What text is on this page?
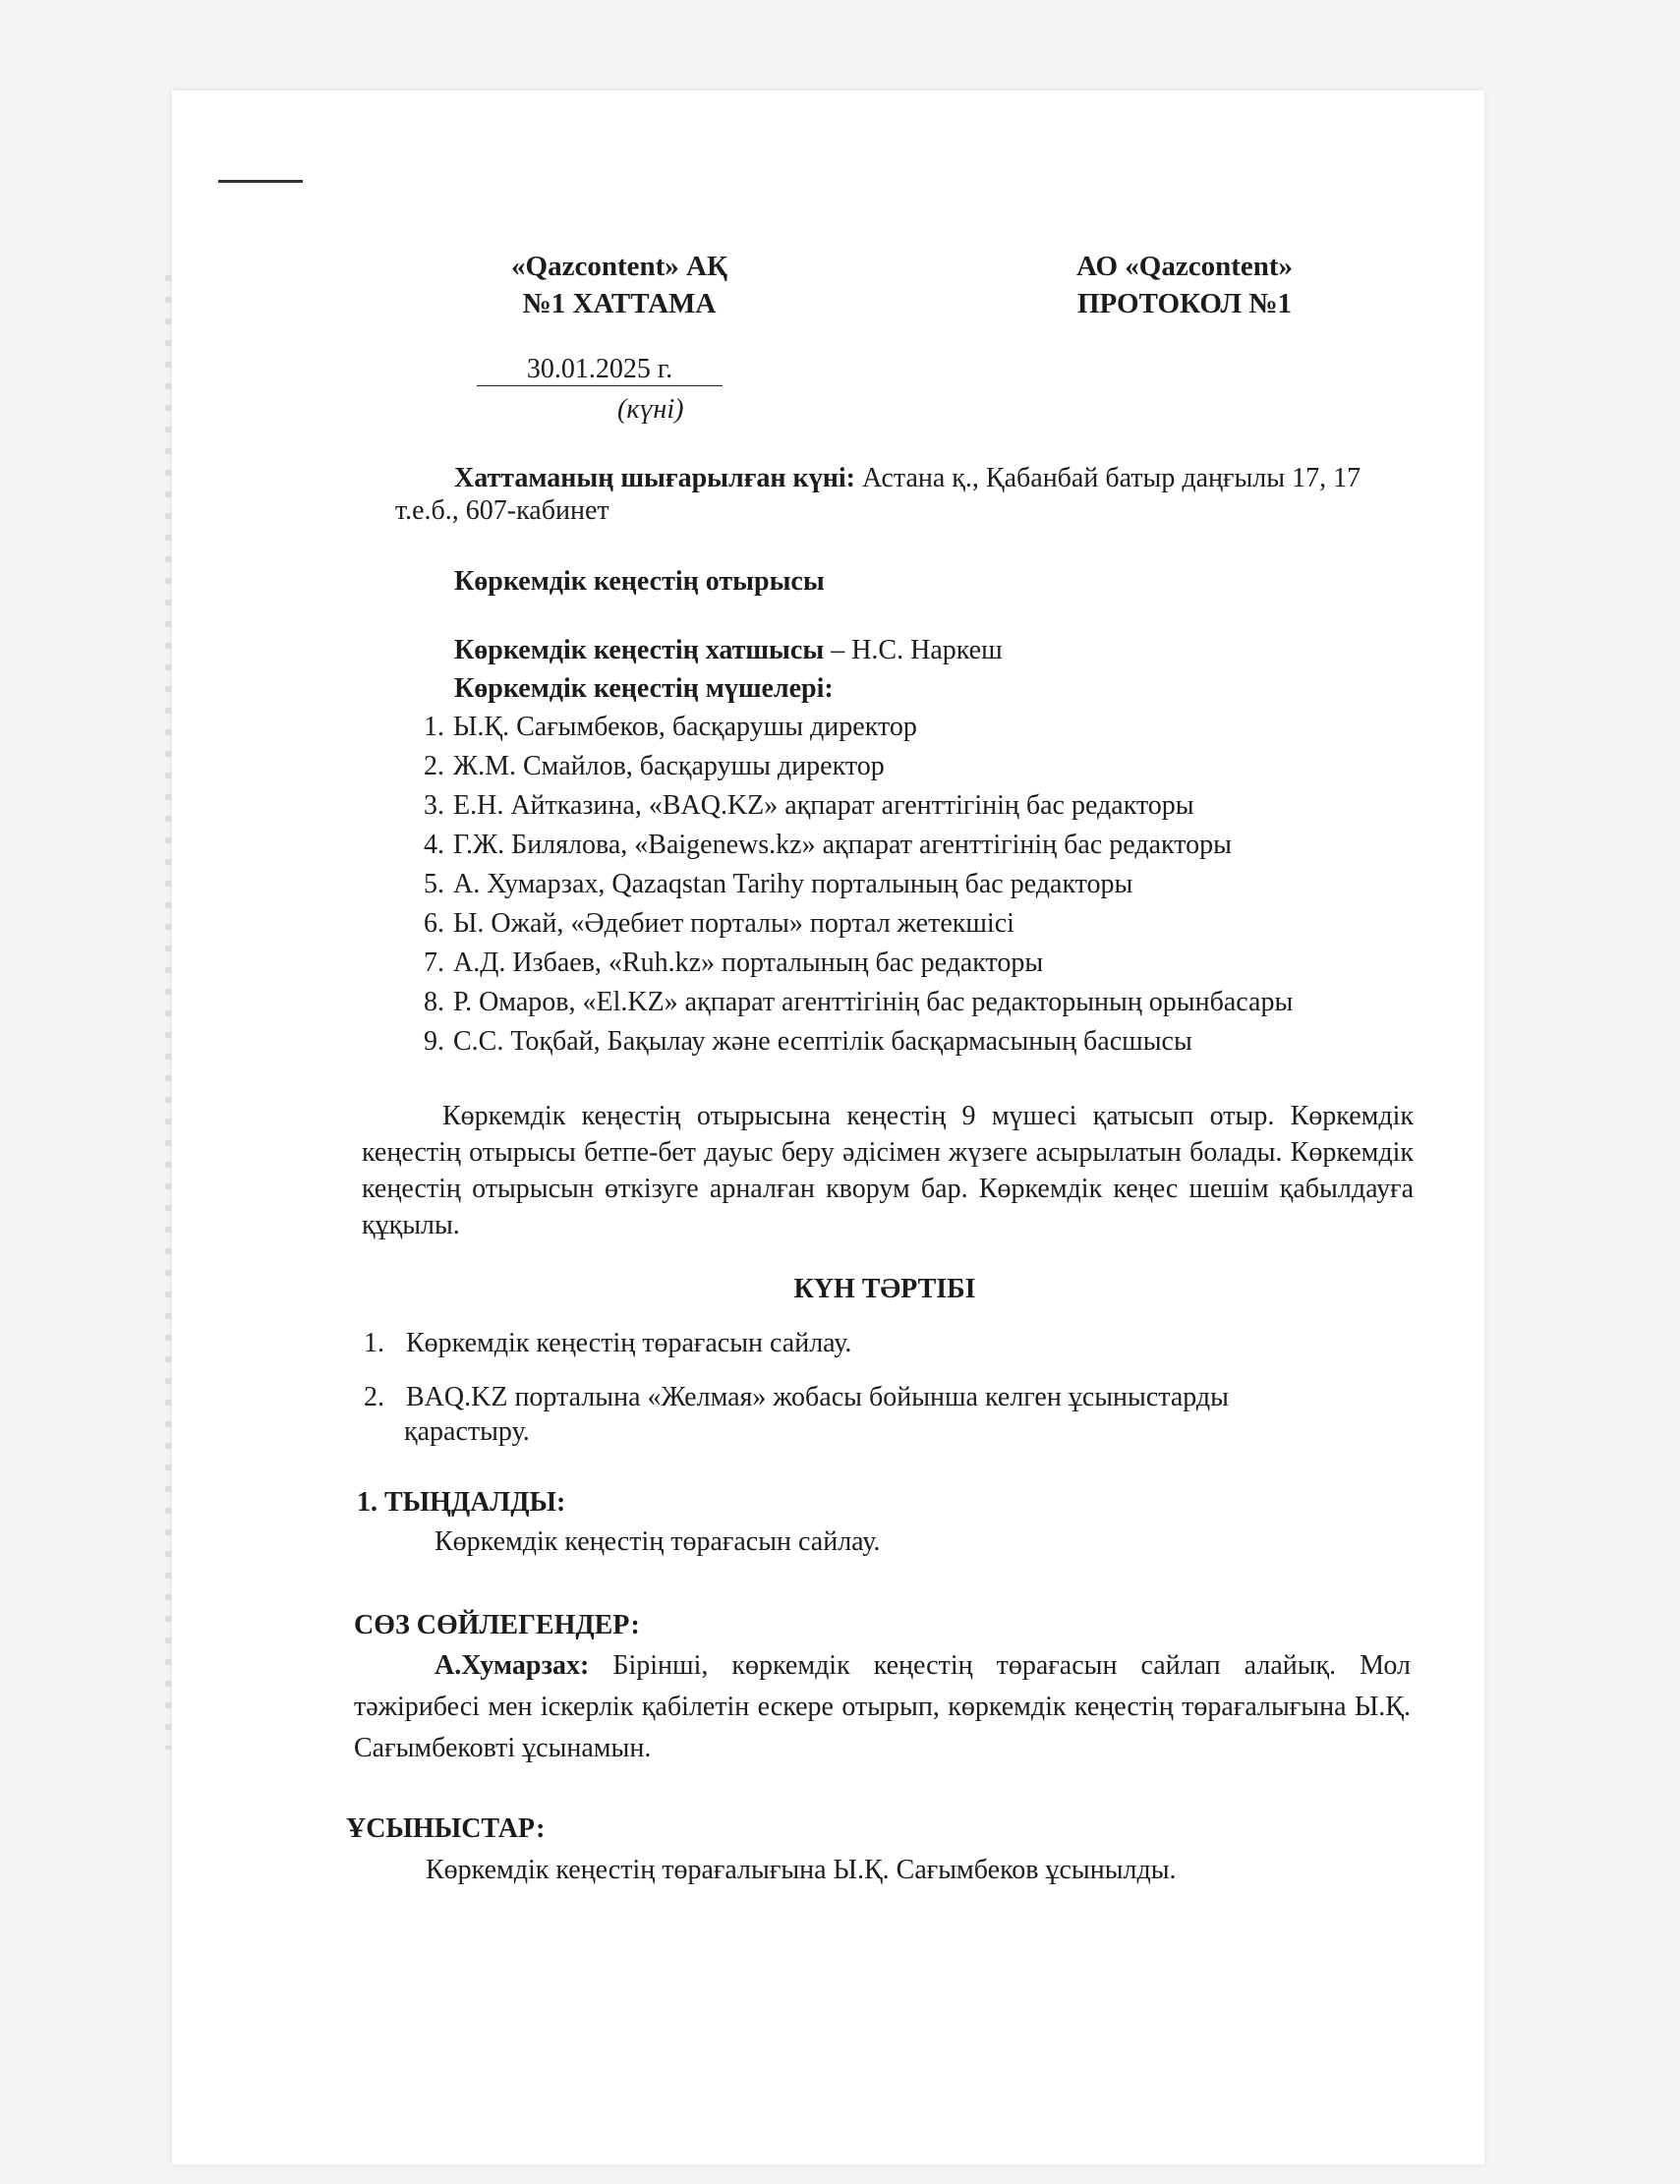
«Qazcontent» АҚ
№1 ХАТТАМА
АО «Qazcontent»
ПРОТОКОЛ №1
30.01.2025 г.
(күні)
Хаттаманың шығарылған күні: Астана қ., Қабанбай батыр даңғылы 17, 17
т.е.б., 607-кабинет
Көркемдік кеңестің отырысы
Көркемдік кеңестің хатшысы – Н.С. Наркеш
Көркемдік кеңестің мүшелері:
1. Ы.Қ. Сағымбеков, басқарушы директор
2. Ж.М. Смайлов, басқарушы директор
3. Е.Н. Айтказина, «BAQ.KZ» ақпарат агенттігінің бас редакторы
4. Г.Ж. Билялова, «Baigenews.kz» ақпарат агенттігінің бас редакторы
5. А. Хумарзах, Qazaqstan Tarihy порталының бас редакторы
6. Ы. Ожай, «Әдебиет порталы» портал жетекшісі
7. А.Д. Избаев, «Ruh.kz» порталының бас редакторы
8. Р. Омаров, «El.KZ» ақпарат агенттігінің бас редакторының орынбасары
9. С.С. Тоқбай, Бақылау және есептілік басқармасының басшысы
Көркемдік кеңестің отырысына кеңестің 9 мүшесі қатысып отыр. Көркемдік кеңестің отырысы бетпе-бет дауыс беру әдісімен жүзеге асырылатын болады. Көркемдік кеңестің отырысын өткізуге арналған кворум бар. Көркемдік кеңес шешім қабылдауға құқылы.
КҮН ТӘРТІБІ
1. Көркемдік кеңестің төрағасын сайлау.
2. BAQ.KZ порталына «Желмая» жобасы бойынша келген ұсыныстарды
қарастыру.
1. ТЫҢДАЛДЫ:
Көркемдік кеңестің төрағасын сайлау.
СӨЗ СӨЙЛЕГЕНДЕР:
А.Хумарзах: Бірінші, көркемдік кеңестің төрағасын сайлап алайық. Мол тәжірибесі мен іскерлік қабілетін ескере отырып, көркемдік кеңестің төрағалығына Ы.Қ. Сағымбековті ұсынамын.
ҰСЫНЫСТАР:
Көркемдік кеңестің төрағалығына Ы.Қ. Сағымбеков ұсынылды.
